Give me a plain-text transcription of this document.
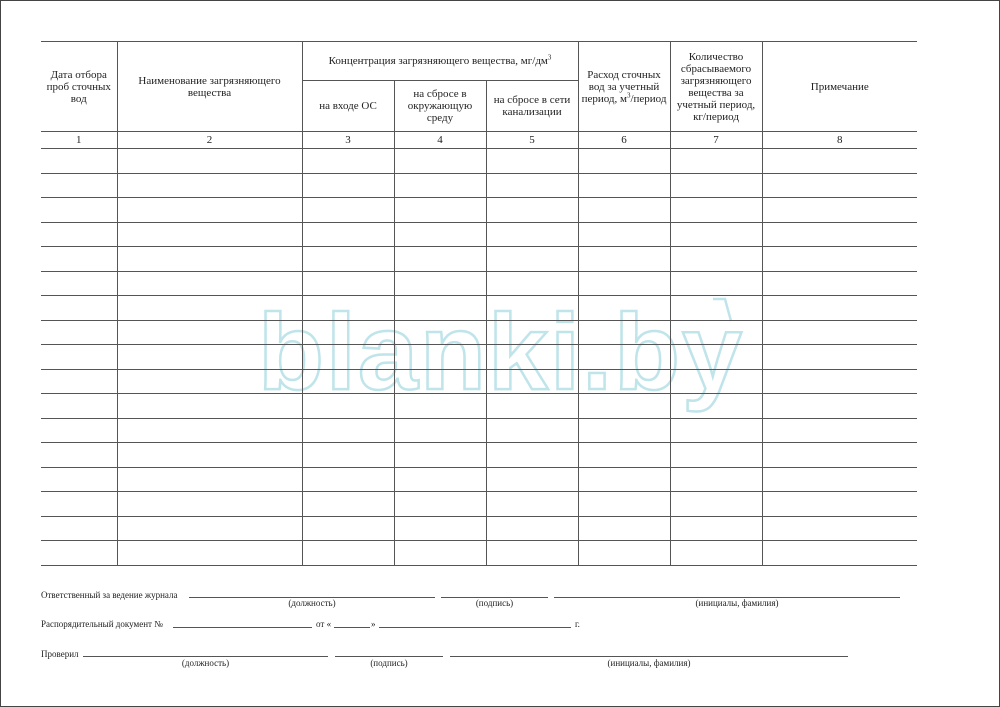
blanki.by
Дата отбора проб сточных вод	Наименование загрязняющего вещества	Концентрация загрязняющего вещества, $мг/дм^3$			Расход сточных вод за учетный период, $м^3$/период	Количество сбрасываемого загрязняющего вещества за учетный период, кг/период	Примечание
		на входе ОС	на сбросе в окружающую среду	на сбросе в сети канализации			
1	2	3	4	5	6	7	8

Ответственный за ведение журнала
(должность)	(подпись)	(инициалы, фамилия)
Распорядительный документ №	от «	»	г.
Проверил
(должность)	(подпись)	(инициалы, фамилия)
